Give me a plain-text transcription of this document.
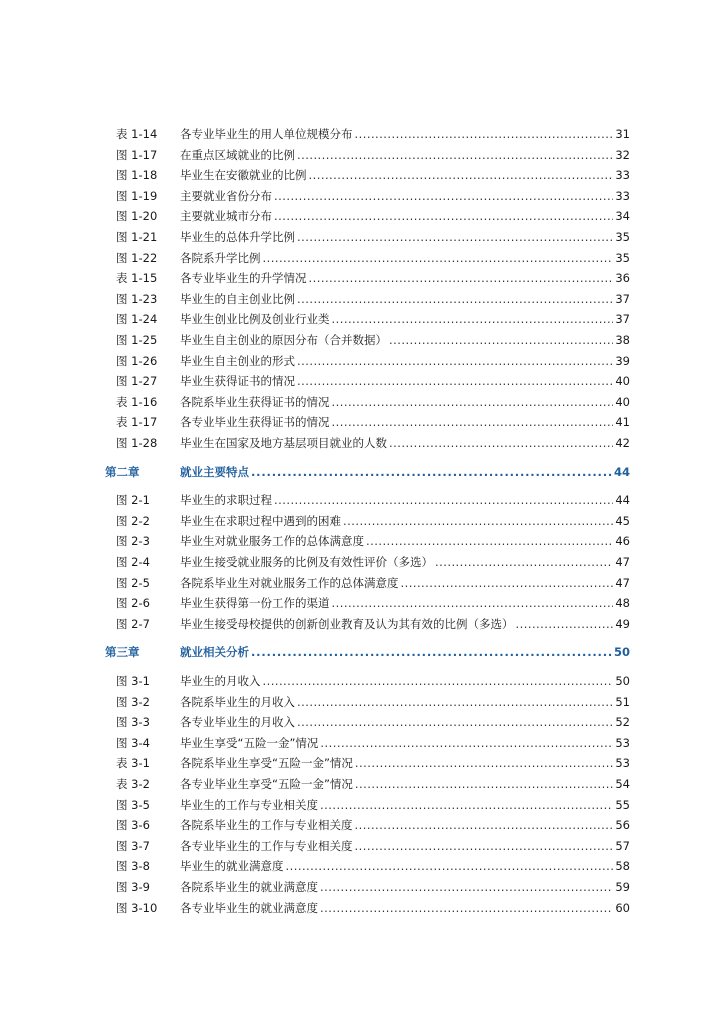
表 1-14 各专业毕业生的用人单位规模分布 . . .	31
图 1-17 在重点区域就业的比例 . . .	32
图 1-18 毕业生在安徽就业的比例 . . .	33
图 1-19 主要就业省份分布 . . .	33
图 1-20 主要就业城市分布 . . .	34
图 1-21 毕业生的总体升学比例 . . .	35
图 1-22 各院系升学比例 . . .	35
表 1-15 各专业毕业生的升学情况 . . .	36
图 1-23 毕业生的自主创业比例 . . .	37
图 1-24 毕业生创业比例及创业行业类 . . .	37
图 1-25 毕业生自主创业的原因分布（合并数据） . . .	38
图 1-26 毕业生自主创业的形式 . . .	39
图 1-27 毕业生获得证书的情况 . . .	40
表 1-16 各院系毕业生获得证书的情况 . . .	40
表 1-17 各专业毕业生获得证书的情况 . . .	41
图 1-28 毕业生在国家及地方基层项目就业的人数 . . .	42
第二章	就业主要特点 . . .	44
图 2-1	毕业生的求职过程 . . .	44
图 2-2	毕业生在求职过程中遇到的困难 . . .	45
图 2-3	毕业生对就业服务工作的总体满意度 . . .	46
图 2-4	毕业生接受就业服务的比例及有效性评价（多选） . . .	47
图 2-5	各院系毕业生对就业服务工作的总体满意度 . . .	47
图 2-6	毕业生获得第一份工作的渠道 . . .	48
图 2-7	毕业生接受母校提供的创新创业教育及认为其有效的比例（多选） . . .	49
第三章	就业相关分析 . . .	50
图 3-1	毕业生的月收入 . . .	50
图 3-2	各院系毕业生的月收入 . . .	51
图 3-3	各专业毕业生的月收入 . . .	52
图 3-4	毕业生享受“五险一金”情况 . . .	53
表 3-1	各院系毕业生享受“五险一金”情况 . . .	53
表 3-2	各专业毕业生享受“五险一金”情况 . . .	54
图 3-5	毕业生的工作与专业相关度 . . .	55
图 3-6	各院系毕业生的工作与专业相关度 . . .	56
图 3-7	各专业毕业生的工作与专业相关度 . . .	57
图 3-8	毕业生的就业满意度 . . .	58
图 3-9	各院系毕业生的就业满意度 . . .	59
图 3-10 各专业毕业生的就业满意度 . . .	60
